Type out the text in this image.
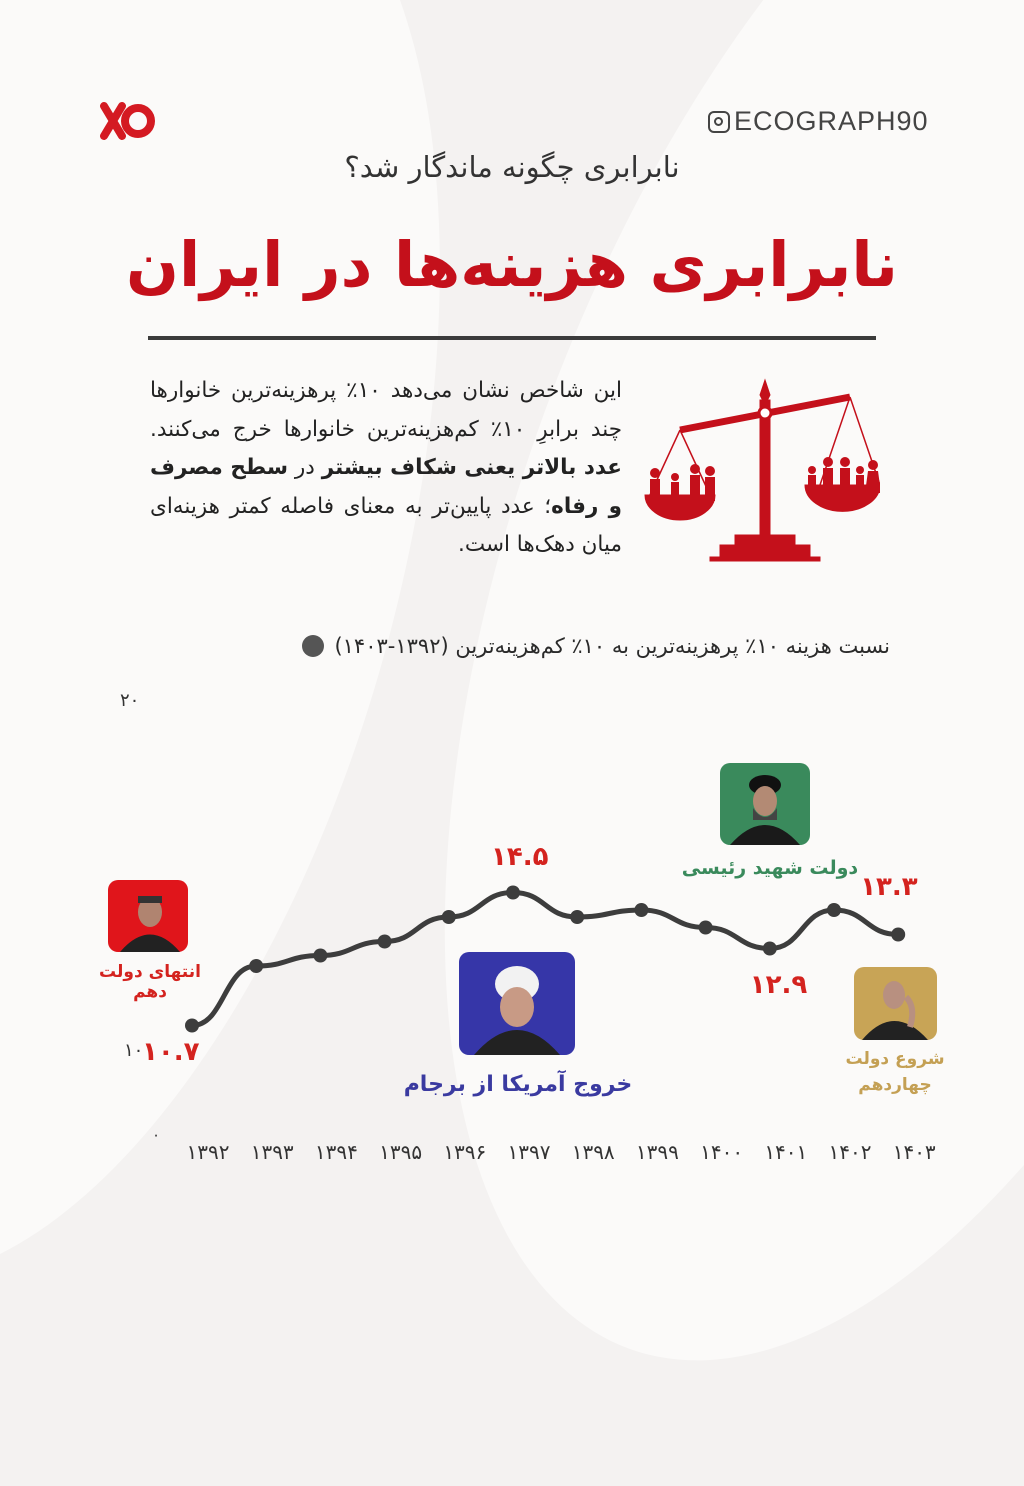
ECOGRAPH90
نابرابری چگونه ماندگار شد؟
نابرابری هزینه‌ها در ایران
این شاخص نشان می‌دهد ۱۰٪ پرهزینه‌ترین خانوارها چند برابرِ ۱۰٪ کم‌هزینه‌ترین خانوارها خرج می‌کنند. عدد بالاتر یعنی شکاف بیشتر در سطح مصرف و رفاه؛ عدد پایین‌تر به معنای فاصله کمتر هزینه‌ای میان دهک‌ها است.
نسبت هزینه ۱۰٪ پرهزینه‌ترین به ۱۰٪ کم‌هزینه‌ترین (۱۳۹۲-۱۴۰۳)
۲۰
۱۰
۰
انتهای دولت دهم
خروج آمریکا از برجام
دولت شهید رئیسی
شروع دولت
چهاردهم
۱۳۹۲	۱۳۹۳	۱۳۹۴	۱۳۹۵	۱۳۹۶	۱۳۹۷	۱۳۹۸	۱۳۹۹	۱۴۰۰	۱۴۰۱	۱۴۰۲	۱۴۰۳
۱۰.۷
۱۴.۵
۱۲.۹
۱۳.۳
